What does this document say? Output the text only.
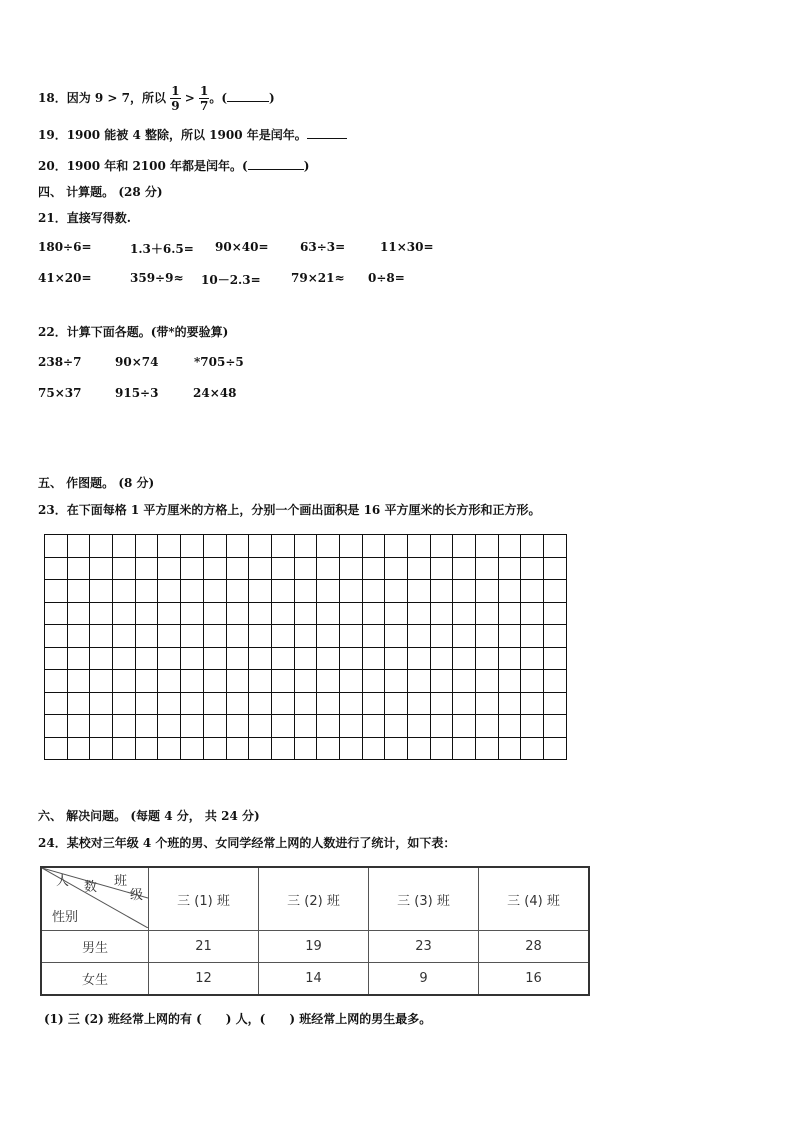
18．因为 9 > 7，所以 $\frac{1}{9} > \frac{1}{7}$ 。(	)
19．1900 能被 4 整除，所以 1900 年是闰年。
20．1900 年和 2100 年都是闰年。(	)
四、 计算题。 (28 分)
21．直接写得数.
180÷6=	1.3＋6.5= 90×40=	63÷3=	11×30=
41×20=	359÷9≈ 10－2.3=	79×21≈ 0÷8=
22．计算下面各题。(带*的要验算)
238÷7	90×74	*705÷5
75×37	915÷3	24×48
五、 作图题。 (8 分)
23．在下面每格 1 平方厘米的方格上，分别一个画出面积是 16 平方厘米的长方形和正方形。

六、 解决问题。 (每题 4 分， 共 24 分)
24．某校对三年级 4 个班的男、女同学经常上网的人数进行了统计，如下表：
人 数 班
级
性别	三 (1) 班	三 (2) 班	三 (3) 班	三 (4) 班
男生	21	19	23	28
女生	12	14	9	16
(1) 三 (2) 班经常上网的有 (　　) 人，(　　) 班经常上网的男生最多。
